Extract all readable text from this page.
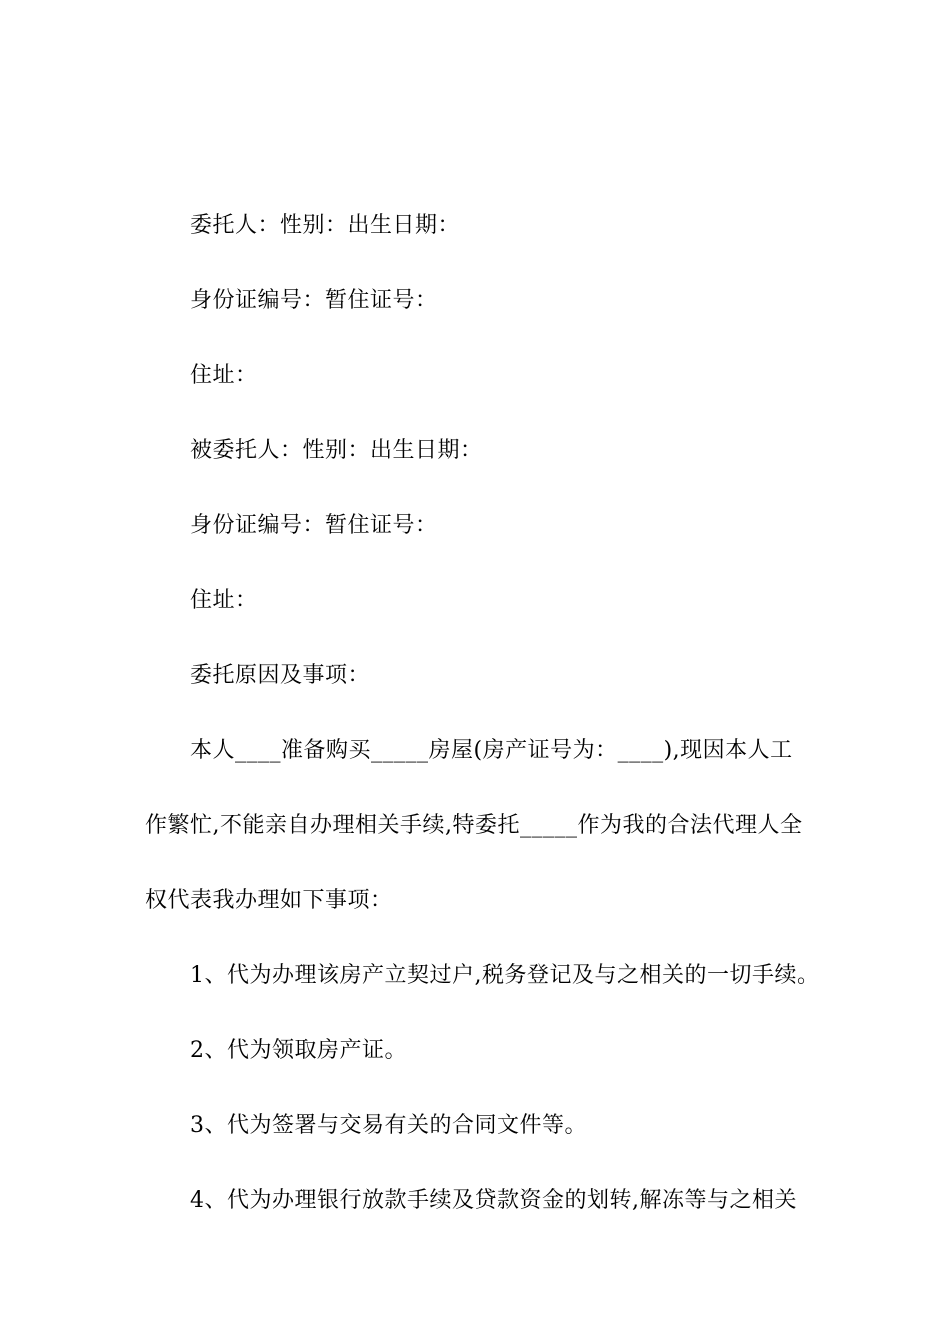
委托人：性别：出生日期：
身份证编号：暂住证号：
住址：
被委托人：性别：出生日期：
身份证编号：暂住证号：
住址：
委托原因及事项：
本人____准备购买_____房屋(房产证号为：____),现因本人工
作繁忙,不能亲自办理相关手续,特委托_____作为我的合法代理人全
权代表我办理如下事项：
1、代为办理该房产立契过户,税务登记及与之相关的一切手续。
2、代为领取房产证。
3、代为签署与交易有关的合同文件等。
4、代为办理银行放款手续及贷款资金的划转,解冻等与之相关
